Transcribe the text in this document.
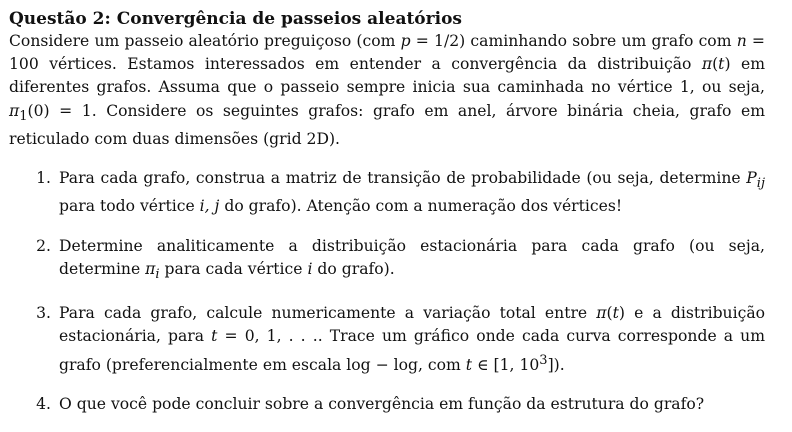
Questão 2: Convergência de passeios aleatórios

Considere um passeio aleatório preguiçoso (com p = 1/2) caminhando sobre um grafo com n = 100 vértices. Estamos interessados em entender a convergência da distribuição π(t) em diferentes grafos. Assuma que o passeio sempre inicia sua caminhada no vértice 1, ou seja, $\pi_1(0) = 1$. Considere os seguintes grafos: grafo em anel, árvore binária cheia, grafo em reticulado com duas dimensões (grid 2D).

1. Para cada grafo, construa a matriz de transição de probabilidade (ou seja, determine $P_{ij}$ para todo vértice i, j do grafo). Atenção com a numeração dos vértices!
2. Determine analiticamente a distribuição estacionária para cada grafo (ou seja, determine $\pi_i$ para cada vértice i do grafo).
3. Para cada grafo, calcule numericamente a variação total entre π(t) e a distribuição estacionária, para t = 0, 1, . . .. Trace um gráfico onde cada curva corresponde a um grafo (preferencialmente em escala log − log, com t ∈ [1, $10^3$]).
4. O que você pode concluir sobre a convergência em função da estrutura do grafo?
